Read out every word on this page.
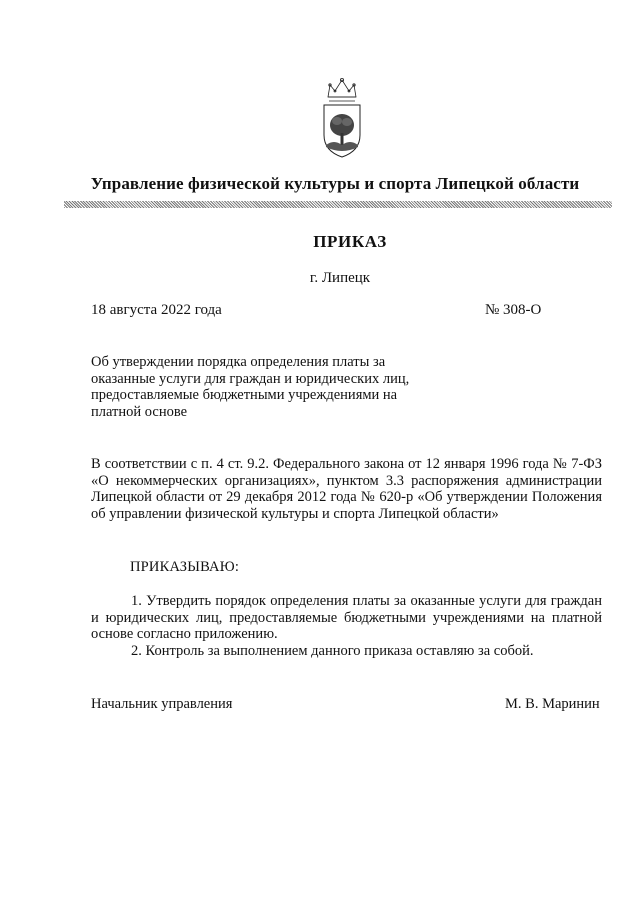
Управление физической культуры и спорта Липецкой области
ПРИКАЗ
г. Липецк
18 августа 2022 года	№ 308-О
Об утверждении порядка определения платы за оказанные услуги для граждан и юридических лиц, предоставляемые бюджетными учреждениями на платной основе
В соответствии с п. 4 ст. 9.2. Федерального закона от 12 января 1996 года № 7-ФЗ «О некоммерческих организациях», пунктом 3.3 распоряжения администрации Липецкой области от 29 декабря 2012 года № 620-р «Об утверждении Положения об управлении физической культуры и спорта Липецкой области»
ПРИКАЗЫВАЮ:

1. Утвердить порядок определения платы за оказанные услуги для граждан и юридических лиц, предоставляемые бюджетными учреждениями на платной основе согласно приложению.

2. Контроль за выполнением данного приказа оставляю за собой.

Начальник управления	М. В. Маринин
